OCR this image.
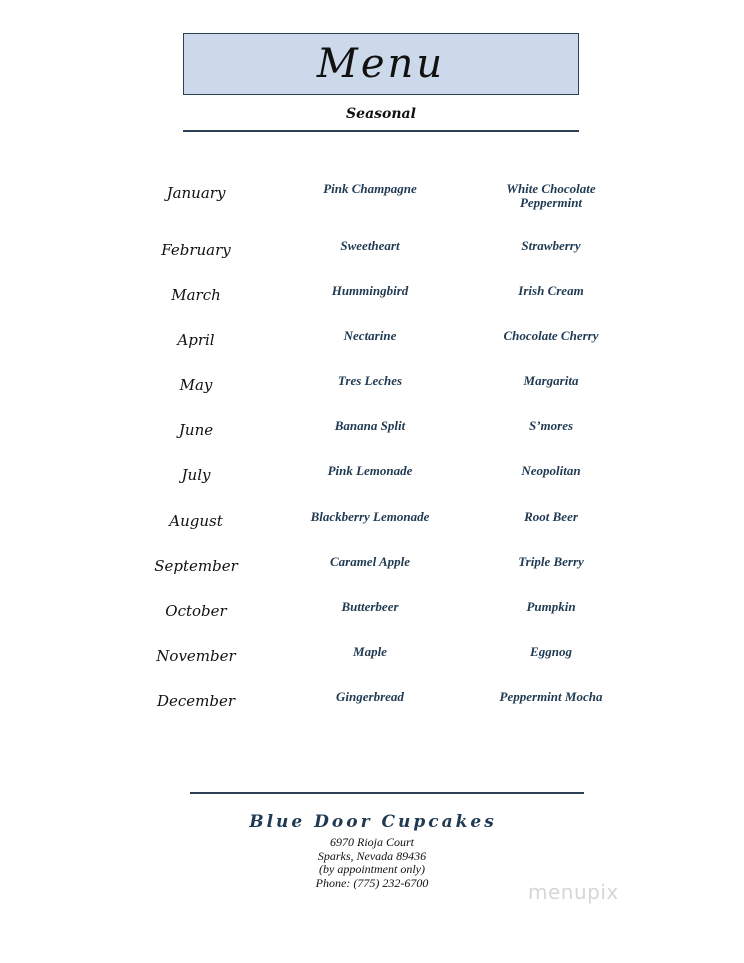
Menu
Seasonal
January	Pink Champagne	White Chocolate
Peppermint
February	Sweetheart	Strawberry
March	Hummingbird	Irish Cream
April	Nectarine	Chocolate Cherry
May	Tres Leches	Margarita
June	Banana Split	S’mores
July	Pink Lemonade	Neopolitan
August	Blackberry Lemonade	Root Beer
September	Caramel Apple	Triple Berry
October	Butterbeer	Pumpkin
November	Maple	Eggnog
December	Gingerbread	Peppermint Mocha
Blue Door Cupcakes
6970 Rioja Court
Sparks, Nevada 89436
(by appointment only)
Phone: (775) 232-6700	menupix
